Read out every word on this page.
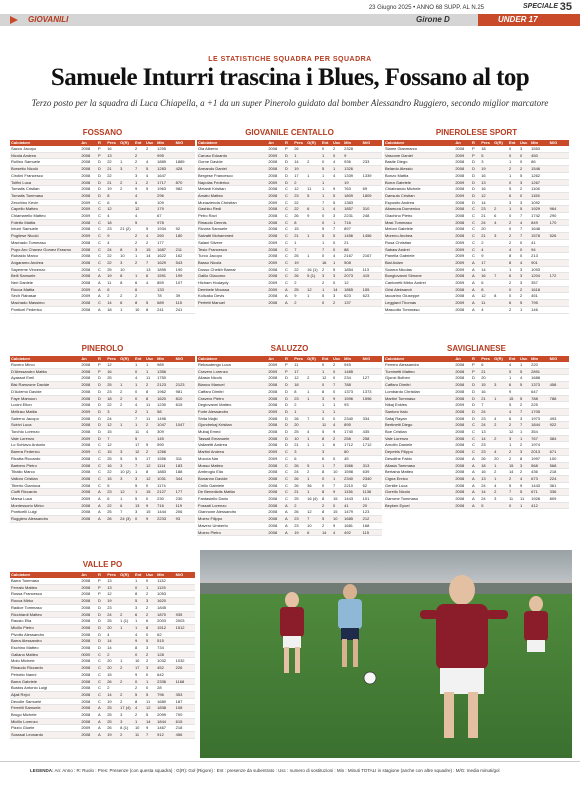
23 Giugno 2025 • ANNO 68 SUPP. AL N.25	SPECIALE 35
GIOVANILI	Girone D	UNDER 17
LE STATISTICHE SQUADRA PER SQUADRA
Samuele Inturri trascina i Blues, Fossano al top
Terzo posto per la squadra di Luca Chiapella, a +1 da un super Pinerolo guidato dal bomber Alessandro Ruggiero, secondo miglior marcatore
FOSSANO
Calciatore	An	R	Pres	G(R)	Ent	Usc	Min	M/G
Sacco Jacopo	2008	P	16		2	2	1255	
Nicola Andrea	2008	P	13		2		995	
Rollino Samuele	2008	D	22	1	2	4	1889	1889
Borsetto Nicolò	2008	D	21	3	7	5	1283	428
Cirolini Francesco	2008	D	22		3	4	1647	
Tolfini Luca	2008	D	21	2	1	2	1717	870
Tomatis Cristian	2008	D	19	2	9	5	1963	982
Tomatis Tommaso	2008	D	8		4		296	
Zecchino Kevin	2009	C	6		6		109	
Capello Matteo	2009	C	12		12		179	
Chiamarello Matteo	2009	C	4		4		67	
Foletto Mattia	2008	C	18		5		978	
Inturri Samuele	2008	C	23	21 (2)		5	1934	92
Pugliese Nicolò	2009	C	9		2	4	260	180
Machado Tommaso	2008	C	4		2	2	177	
Pupo Aro Chavez Gomez Erasmo	2008	C	24	8	3	15	1687	211
Rubaldo Marco	2008	C	22	10	1	14	1622	162
Angaramo Andrea	2008	C	22	3	2	7	1629	543
Sayeeme Vincenzo	2008	C	25	10		13	1895	190
Belli Samuele	2008	A	19	8	1	6	1591	199
Neri Daniele	2008	A	11	8	6	4	859	107
Rocca Mattia	2009	A	6		6		133	
Sech Rabasar	2009	A	2	2	2		78	39
Machado Massimo	2008	C	14	6	8	5	689	115
Ponticel Federico	2008	A	18	1	10	8	241	241
GIOVANILE CENTALLO
Calciatore	An	R	Pres	G(R)	Ent	Usc	Min	M/G
Ola Alberto	2008	P	26		0	2	2328	
Caruso Edoardo	2009	D	1		1	0	9	
Gorne Davide	2008	D	14	2	0	4	936	233
Armando Daniel	2008	D	19		5	1	1326	
Bergese Francesco	2008	D	17	1	1	4	1339	1339
Napolas Federico	2009	D	2		1		19	
Melardi Kristian	2008	C	12	11	1	9	763	69
Amato Matteo	2008	C	23	5	1	5	1809	1809
Munazienda Christian	2009	C	22		7	5	1383	
Gashku Redi	2008	C	22	6	1	4	1857	310
Petro Ravi	2008	C	26	9	0	3	2231	248
Rinaudo Dennis	2008	C	8		0	1	716	
Rivoira Samuele	2008	C	15		5	7	897	
Salvatti Mohammed	2008	C	21	1	5	5	1456	1456
Salani Silvere	2009	C	1		1	0	21	
Tesio Francesco	2008	C	7		7	0	88	
Turco Jacopo	2008	C	25	1	0	4	2167	2167
Basso Nicola	2009	C	19		16	1	508	
Dosso Cheikh Bamar	2008	C	22	16 (1)	2	5	1854	113
Gallio Giacomo	2008	C	26	5 (1)	3	3	2073	415
Hicham Hodaydy	2009	C	2		2	0	12	
Dembele Moussa	2009	A	25	12	1	14	1865	155
Kolicaku Devis	2008	A	9	1	5	3	623	623
Perfetti Manuel	2008	A	2		0	2	137	
PINEROLESE SPORT
Calciatore	An	R	Pres	G(R)	Ent	Usc	Min	M/G
Siame Gianmarco	2008	P	18		0	3	1553	
Vascone Daniel	2009	P	5		0	0	450	
Basile Diego	2008	D	3		1	0	86	
Belardo Alessio	2008	D	19		2	2	1546	
Bonzo Mattia	2008	D	16		1	5	1262	
Borra Gabriele	2009	D	13		0	3	1267	
Chiabrando Michele	2008	D	16		5	2	1108	
Dansuto Cristian	2009	D	12		6	0	1155	
Esposito Andrea	2008	D	14		3	3	1092	
Altamura Domenico	2008	C	23	2	1	5	1929	964
Giachino Pietro	2008	C	21	6	0	7	1742	290
Masi Tommaso	2008	C	24	4	2	4	849	170
Meloni Gabriele	2008	C	20		0	7	1648	
Moreno Andrea	2008	C	21	3	2	7	1578	526
Rosa Christian	2009	C	2		2	0	41	
Sabaw Andrei	2009	C	4		4	0	94	
Panella Gabriele	2009	C	9		8	0	213	
Bial Adam	2009	A	17		8	4	901	
Sciarra Nicolas	2009	A	14		1	3	1093	
Bongiovanni Simone	2008	A	16	7	6	3	1204	172
Cantoretti Mirko Andrei	2009	A	6		2	3	357	
Grisi Aleksandr	2008	A	8		0	2	1618	
Iaccarino Giuseppe	2008	A	12	8	0	2	451	
Leggiard Thomas	2009	A	11		6	5	795	
Mascotto Tommaso	2008	A	4		2	1	146	
PINEROLO
Calciatore	An	R	Pres	G(R)	Ent	Usc	Min	M/G
Rovero Mirco	2008	P	12		1	1	989	
D'Alessandro Mattia	2008	P	16		0	1	1356	
Ayassot Emil	2008	D	25		4	11	1750	
Bisi Ramzone Davide	2008	D	25	1	1	2	2123	2123
D'Aclemo Davide	2008	D	23	2	0	8	1962	981
Faye Mamoun	2008	D	18	2	0	8	1620	810
Lucini Elton	2008	D	22	2	4	11	1230	615
Melluso Mattia	2009	D	3		2	1	58	
Salerno Jacopo	2008	D	24		7	11	1496	
Scirivi Luca	2008	D	12	1	1	2	1047	1047
Torchio Lorenzo	2008	D	15		11	4	309	
Vale Lorenzo	2009	D	7		5		145	
Lo Schiavo Antonio	2008	C	12		17	5	590	
Barera Federico	2009	C	15	3	12	2	1266	
Ricotta Riccardo	2008	C	25	5	5	17	1556	311
Barbero Pietro	2008	C	16	3	7	12	1114	183
Tiballo Marco	2008	C	22	10 (2)	1	8	1883	188
Valloro Cristian	2008	C	15	3	3	12	1031	344
Tiberto Gianluca	2008	C	5		5	0	1174	
Cioffi Riccardo	2008	A	23	12	1	15	2127	177
Marsa Luca	2009	A	6	1	5	0	230	230
Montessorio Mirko	2008	A	22	6	13	9	716	119
Ponticelli Luigi	2008	A	25	7	3	15	1444	206
Ruggiero Alessandro	2008	A	26	24 (3)	0	9	2233	93
SALUZZO
Calciatore	An	R	Pres	G(R)	Ent	Usc	Min	M/G
Rebaudengo Luca	2009	P	11		0	2	945	
Cravero Lorenzo	2009	P	17		1	0	1485	
Allasia Nicolò	2008	D	12	2	12	0	234	127
Bianco Manuel	2008	D	18		0	7	788	
Caffaro Dimitri	2008	D	8	1	8	0	1373	1373
Cravero Pietro	2008	D	23	1	3	9	1596	1596
Degiovanni Matteo	2008	D	2		1	1	93	
Forte Alessandro	2009	D	1		1	1		
Shita Majki	2008	D	26	7	0	0	2340	334
Gjondrekaj Kristian	2008	D	20		11	4	895	
Mubaj Emed	2008	D	25	4	5	9	1740	435
Tassali Emanuele	2008	D	10	1	8	2	258	258
Vallaretti Andrea	2008	D	21	1	1	6	1712	1712
Martini Andrea	2009	C	3		3		80	
Moccia Nar	2009	C	6		6	0	45	
Mosso Matteo	2008	C	26	5	1	7	1566	313
Ambrogio Elia	2008	C	24	2	8	10	1598	639
Bonanno Davide	2008	C	26	1	0	1	2340	2340
Cirillo Gabriele	2008	C	26	36	0	7	2210	62
De Benedictis Mattia	2008	C	21	1	8	9	1136	1136
Fantasiello Dario	2008	C	25	16 (4)	8	15	1443	101
Fossati Lorenzo	2008	A	2		2	0	41	20
Giannone Alessandro	2008	A	26	12	8	15	1479	123
Moero Filippo	2008	A	23	7	5	10	1685	212
Mavero Umberto	2008	A	23	10	2	9	1681	168
Moero Pietro	2008	A	19	6	14	4	492	115
SAVIGLIANESE
Calciatore	An	R	Pres	G(R)	Ent	Usc	Min	M/G
Ferrero Alessandro	2008	P	6		4	1	220	
Tuminetti Matteo	2008	P	21		5	5	2891	
Gjonzi Bolhen	2008	D	20		1	4	1688	
Caffaro Dimitri	2008	D	15	3	6	5	1373	458
Lombardo Christian	2008	D	16		9		647	
Martini Tommaso	2008	D	21	1	15	5	788	788
Nikaj Enkles	2009	D	7		5	2	225	
Santoro Italo	2008	D	24		4	7	1705	
Safaj Rayan	2008	D	23	4	6	3	1973	493
Bertinetti Diego	2008	C	24	2	2	7	1844	922
Boe Cristian	2008	C	13		12	1	354	
Vale Lorenzo	2008	C	14	2	3	1	767	384
Arnolfo Daniele	2008	C	23		1	2	1974	
Depetris Filippo	2008	C	23	4	2	3	2013	671
Desolthe Fabio	2008	A	26	20	2	8	1997	100
Allasia Tommaso	2008	A	18	1	15	3	568	568
Bertaina Matteo	2008	A	16	2	14	2	436	218
Cigna Enrico	2008	A	13	1	2	4	673	224
Gentile Luca	2008	A	24	4	5	9	1443	361
Gorello Nicolò	2008	A	14	2	7	5	671	336
Garrone Tommaso	2008	A	24	3	11	11	1928	809
Beyken Eyoel	2008	A	5		0	1	412	
VALLE PO
Calciatore	An	R	Pres	G(R)	Ent	Usc	Min	M/G
Barra Tommaso	2008	P	13		1	0	1132	
Ferrato Matteo	2008	P	13		0	1	1125	
Rossa Francesco	2008	P	12		8	2	1053	
Rocca Mirko	2008	D	19		5	3	1620	
Radice Tommaso	2008	D	23		3	2	1845	
Ricchiardi Matteo	2008	D	24	2	6	2	1870	935
Rausio Elia	2008	D	25	1 (1)	1	6	2003	2003
Micillo Pietro	2008	D	20	1	1	8	1512	1512
Pivotto Alessandro	2008	D	4		4	0	62	
Barra Alessandro	2008	D	14		9	5	515	
Eschino Matteo	2008	D	14		8	3	734	
Galiano Matteo	0000	C	2		0	2	128	
Moio Michele	2008	C	20	1	10	2	1032	1032
Rinaudo Riccardo	2008	C	20	2	17	3	452	226
Peirotto Nanni	2008	C	15		9	0	642	
Barra Gabriele	2008	C	26	2	0	1	2336	1168
Bustos Antonio Luigi	2008	C	2		2	0	28	
Aljaii Rejoi	2008	C	14	2	5	5	796	353
Decolle Samuele	2008	C	19	2	8	11	1680	187
Ferretti Samuele	2008	A	25	17 (4)	4	12	1838	108
Brugo Michele	2008	A	25	3	2	5	2099	700
Micillo Lorenzo	2008	A	25	3	1	14	1844	615
Pizzio Gloele	2009	A	26	8 (1)	10	9	1467	218
Sosssai Leonardo	2008	A	19	2	11	7	912	456
LEGENDA: An: Anno : R: Ruolo : Pres: Presenze (con questa squadra) : G(R): Gol (Rigore) : Ent : presenze da subentrato : Usc : numero di sostituzioni : Min : Minuti TOTALI in stagione (anche con altre squadre) : M/G: media minuti/gol
